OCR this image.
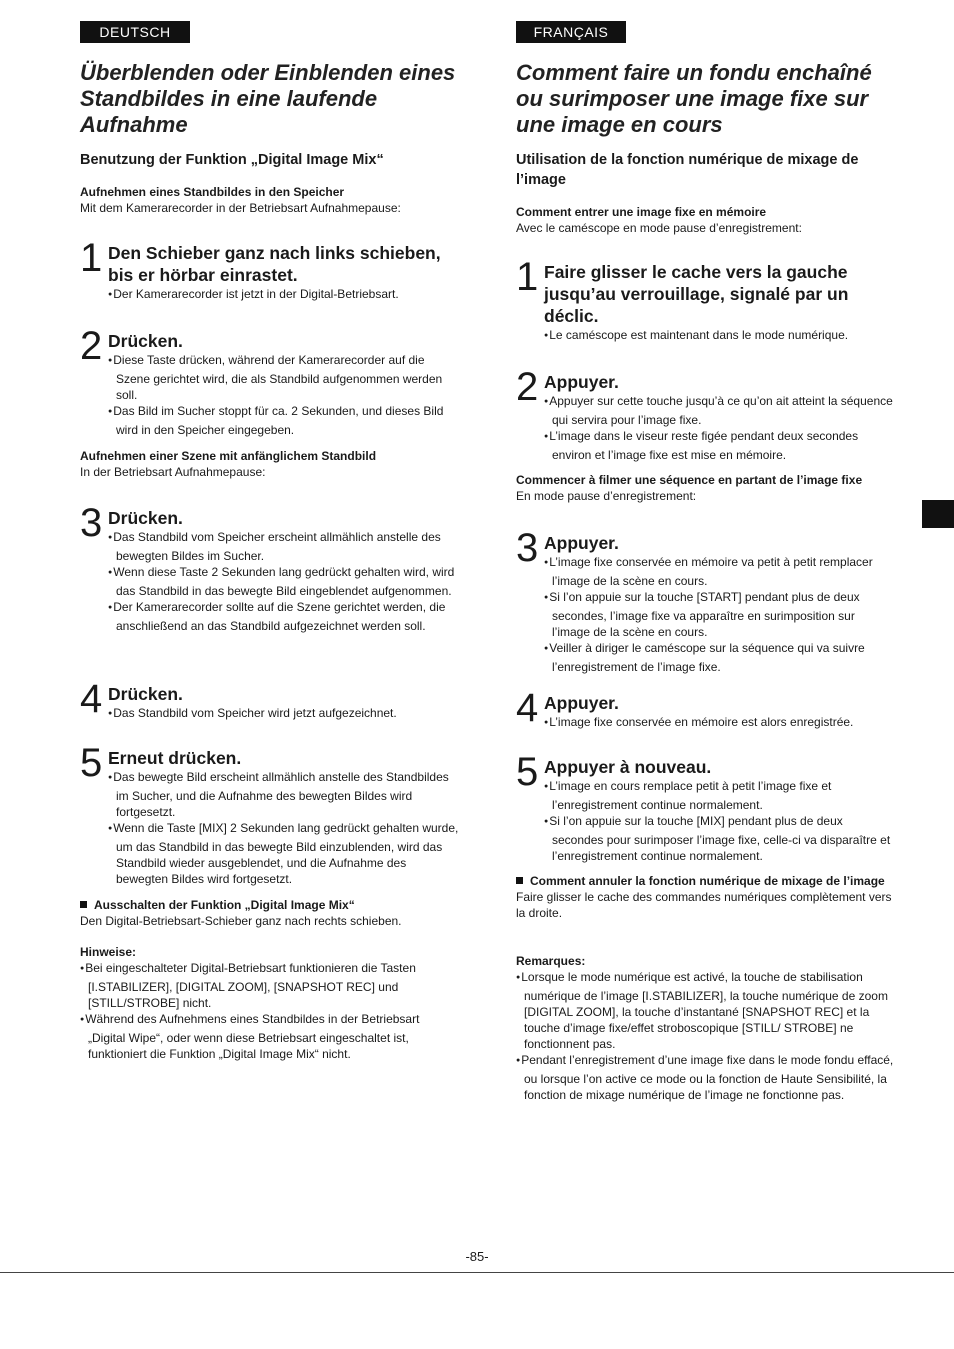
DEUTSCH
Überblenden oder Einblenden eines Standbildes in eine laufende Aufnahme
Benutzung der Funktion „Digital Image Mix“
Aufnehmen eines Standbildes in den Speicher
Mit dem Kamerarecorder in der Betriebsart Aufnahmepause:
1 Den Schieber ganz nach links schieben, bis er hörbar einrastet.

● Der Kamerarecorder ist jetzt in der Digital-Betriebsart.
2 Drücken.

● Diese Taste drücken, während der Kamerarecorder auf die Szene gerichtet wird, die als Standbild aufgenommen werden soll.
● Das Bild im Sucher stoppt für ca. 2 Sekunden, und dieses Bild wird in den Speicher eingegeben.
Aufnehmen einer Szene mit anfänglichem Standbild
In der Betriebsart Aufnahmepause:
3 Drücken.

● Das Standbild vom Speicher erscheint allmählich anstelle des bewegten Bildes im Sucher.
● Wenn diese Taste 2 Sekunden lang gedrückt gehalten wird, wird das Standbild in das bewegte Bild eingeblendet aufgenommen.
● Der Kamerarecorder sollte auf die Szene gerichtet werden, die anschließend an das Standbild aufgezeichnet werden soll.
4 Drücken.

● Das Standbild vom Speicher wird jetzt aufgezeichnet.
5 Erneut drücken.

● Das bewegte Bild erscheint allmählich anstelle des Standbildes im Sucher, und die Aufnahme des bewegten Bildes wird fortgesetzt.
● Wenn die Taste [MIX] 2 Sekunden lang gedrückt gehalten wurde, um das Standbild in das bewegte Bild einzublenden, wird das Standbild wieder ausgeblendet, und die Aufnahme des bewegten Bildes wird fortgesetzt.
Ausschalten der Funktion „Digital Image Mix“
Den Digital-Betriebsart-Schieber ganz nach rechts schieben.
Hinweise:
● Bei eingeschalteter Digital-Betriebsart funktionieren die Tasten [I.STABILIZER], [DIGITAL ZOOM], [SNAPSHOT REC] und [STILL/STROBE] nicht.
● Während des Aufnehmens eines Standbildes in der Betriebsart „Digital Wipe“, oder wenn diese Betriebsart eingeschaltet ist, funktioniert die Funktion „Digital Image Mix“ nicht.
FRANÇAIS
Comment faire un fondu enchaîné ou surimposer une image fixe sur une image en cours
Utilisation de la fonction numérique de mixage de l’image
Comment entrer une image fixe en mémoire
Avec le caméscope en mode pause d’enregistrement:
1 Faire glisser le cache vers la gauche jusqu’au verrouillage, signalé par un déclic.

● Le caméscope est maintenant dans le mode numérique.
2 Appuyer.

● Appuyer sur cette touche jusqu’à ce qu’on ait atteint la séquence qui servira pour l’image fixe.
● L’image dans le viseur reste figée pendant deux secondes environ et l’image fixe est mise en mémoire.
Commencer à filmer une séquence en partant de l’image fixe
En mode pause d’enregistrement:
3 Appuyer.

● L’image fixe conservée en mémoire va petit à petit remplacer l’image de la scène en cours.
● Si l’on appuie sur la touche [START] pendant plus de deux secondes, l’image fixe va apparaître en surimposition sur l’image de la scène en cours.
● Veiller à diriger le caméscope sur la séquence qui va suivre l’enregistrement de l’image fixe.
4 Appuyer.

● L’image fixe conservée en mémoire est alors enregistrée.
5 Appuyer à nouveau.

● L’image en cours remplace petit à petit l’image fixe et l’enregistrement continue normalement.
● Si l’on appuie sur la touche [MIX] pendant plus de deux secondes pour surimposer l’image fixe, celle-ci va disparaître et l’enregistrement continue normalement.
Comment annuler la fonction numérique de mixage de l’image
Faire glisser le cache des commandes numériques complètement vers la droite.
Remarques:
● Lorsque le mode numérique est activé, la touche de stabilisation numérique de l’image [I.STABILIZER], la touche numérique de zoom [DIGITAL ZOOM], la touche d’instantané [SNAPSHOT REC] et la touche d’image fixe/effet stroboscopique [STILL/ STROBE] ne fonctionnent pas.
● Pendant l’enregistrement d’une image fixe dans le mode fondu effacé, ou lorsque l’on active ce mode ou la fonction de Haute Sensibilité, la fonction de mixage numérique de l’image ne fonctionne pas.
-85-
